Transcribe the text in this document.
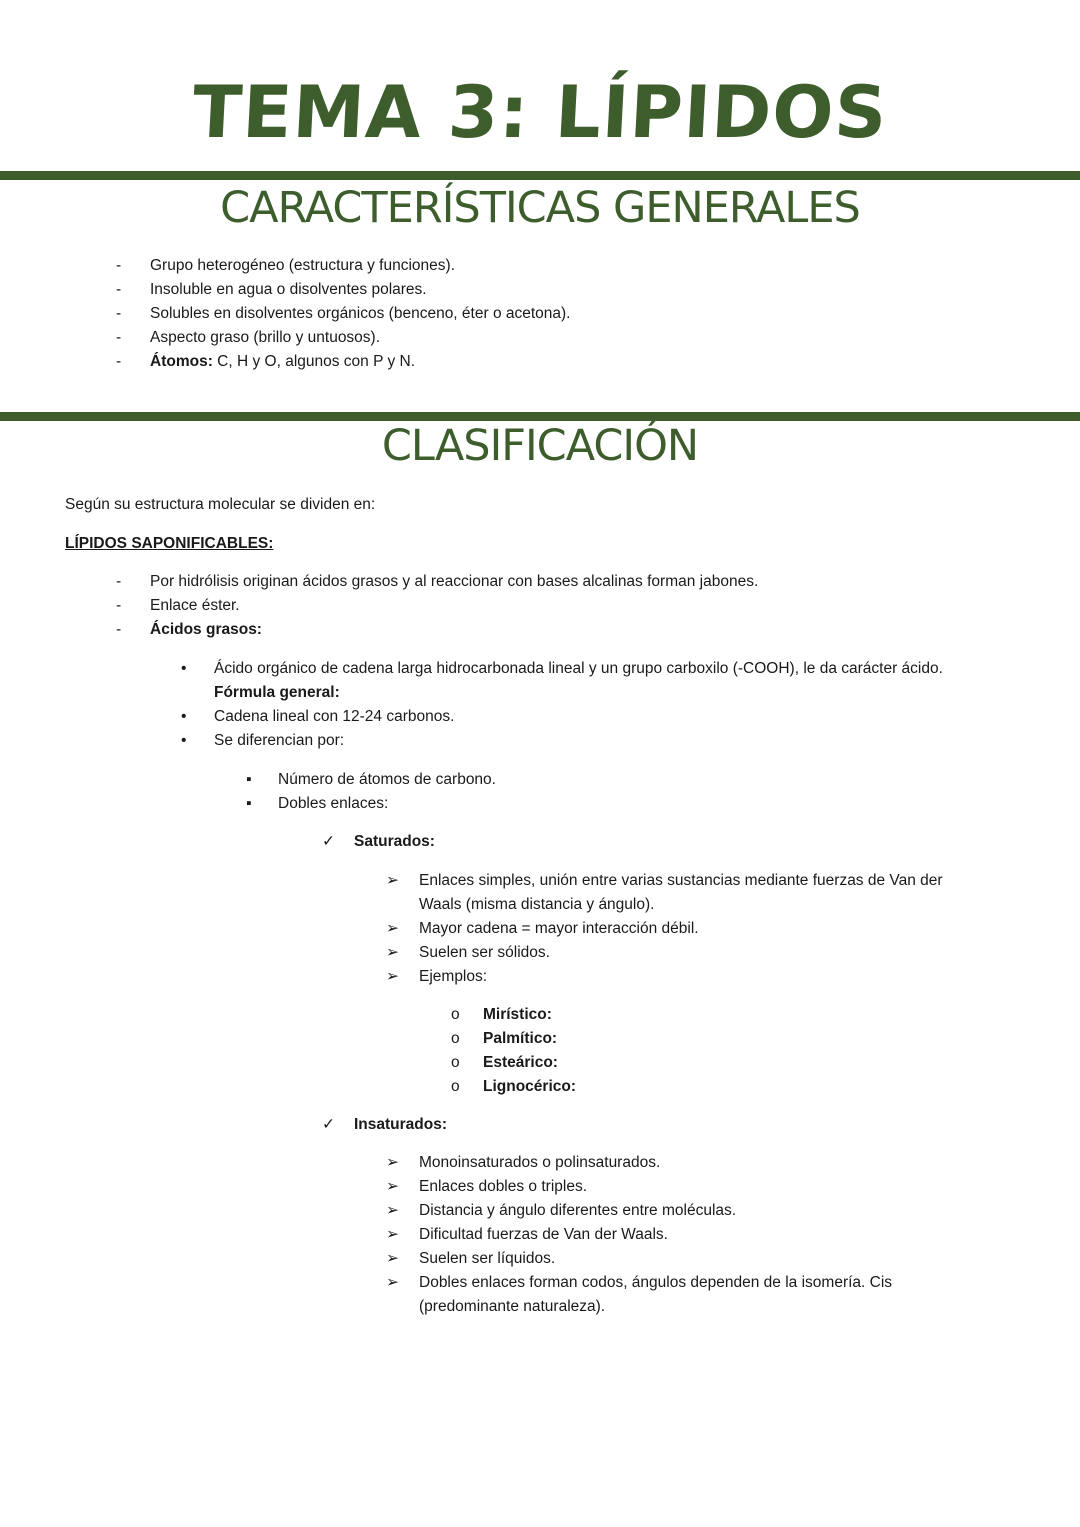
TEMA 3: LÍPIDOS
CARACTERÍSTICAS GENERALES
- Grupo heterogéneo (estructura y funciones).
- Insoluble en agua o disolventes polares.
- Solubles en disolventes orgánicos (benceno, éter o acetona).
- Aspecto graso (brillo y untuosos).
- Átomos: C, H y O, algunos con P y N.
CLASIFICACIÓN
Según su estructura molecular se dividen en:
LÍPIDOS SAPONIFICABLES:
- Por hidrólisis originan ácidos grasos y al reaccionar con bases alcalinas forman jabones.
- Enlace éster.
- Ácidos grasos:
• Ácido orgánico de cadena larga hidrocarbonada lineal y un grupo carboxilo (-COOH), le da carácter ácido.
Fórmula general:
• Cadena lineal con 12-24 carbonos.
• Se diferencian por:
▪ Número de átomos de carbono.
▪ Dobles enlaces:
✓ Saturados:
➢ Enlaces simples, unión entre varias sustancias mediante fuerzas de Van der
Waals (misma distancia y ángulo).
➢ Mayor cadena = mayor interacción débil.
➢ Suelen ser sólidos.
➢ Ejemplos:
o Mirístico:
o Palmítico:
o Esteárico:
o Lignocérico:
✓ Insaturados:
➢ Monoinsaturados o polinsaturados.
➢ Enlaces dobles o triples.
➢ Distancia y ángulo diferentes entre moléculas.
➢ Dificultad fuerzas de Van der Waals.
➢ Suelen ser líquidos.
➢ Dobles enlaces forman codos, ángulos dependen de la isomería. Cis
(predominante naturaleza).
